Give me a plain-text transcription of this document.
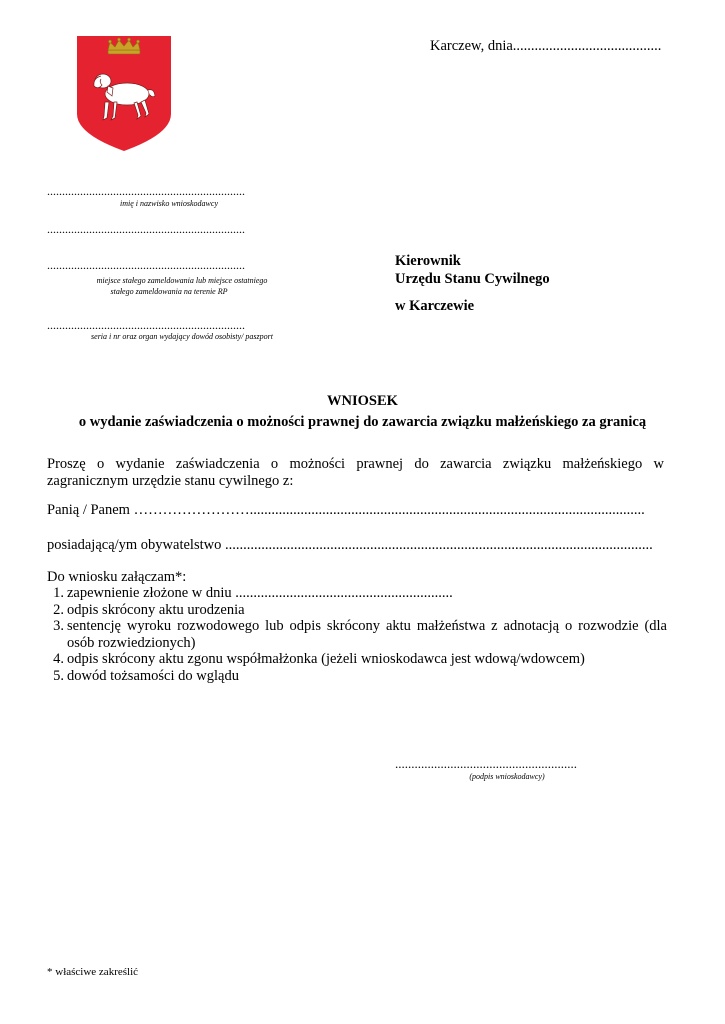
Karczew, dnia.........................................
..................................................................
imię i nazwisko wnioskodawcy
..................................................................
..................................................................
miejsce stałego zameldowania lub miejsce ostatniego
stałego zameldowania na terenie RP
..................................................................
seria i nr oraz organ wydający dowód osobisty/ paszport
Kierownik
Urzędu Stanu Cywilnego
w Karczewie
WNIOSEK
o wydanie zaświadczenia o możności prawnej do zawarcia związku małżeńskiego za granicą
Proszę o wydanie zaświadczenia o możności prawnej do zawarcia związku małżeńskiego w zagranicznym urzędzie stanu cywilnego z:
Panią / Panem …………………….............................................................................................................
posiadającą/ym obywatelstwo ......................................................................................................................
Do wniosku załączam*:
1. zapewnienie złożone w dniu ............................................................
2. odpis skrócony aktu urodzenia
3. sentencję wyroku rozwodowego lub odpis skrócony aktu małżeństwa z adnotacją o rozwodzie (dla osób rozwiedzionych)
4. odpis skrócony aktu zgonu współmałżonka (jeżeli wnioskodawca jest wdową/wdowcem)
5. dowód tożsamości do wglądu
........................................................
(podpis wnioskodawcy)
* właściwe zakreślić
